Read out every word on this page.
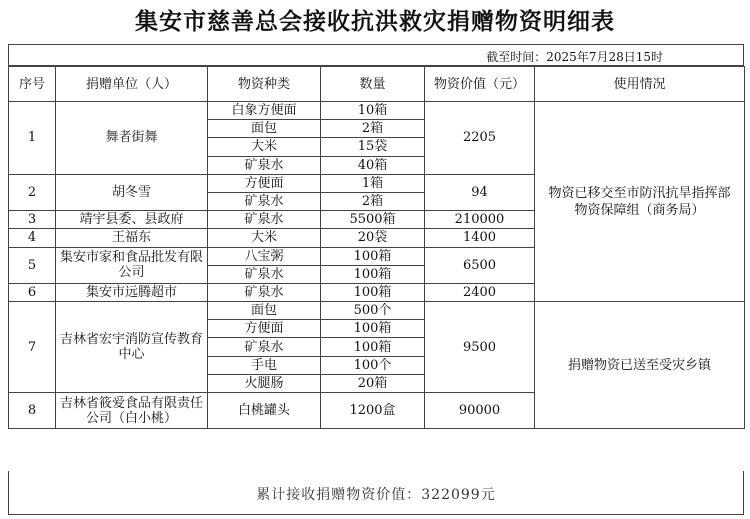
集安市慈善总会接收抗洪救灾捐赠物资明细表
截至时间：2025年7月28日15时
序号	捐赠单位（人）	物资种类	数量	物资价值（元）	使用情况
1	舞者街舞	白象方便面	10箱	2205	物资已移交至市防汛抗旱指挥部物资保障组（商务局）
		面包	2箱		
		大米	15袋		
		矿泉水	40箱		
2	胡冬雪	方便面	1箱	94	
		矿泉水	2箱		
3	靖宇县委、县政府	矿泉水	5500箱	210000	
4	王福东	大米	20袋	1400	
5	集安市家和食品批发有限公司	八宝粥	100箱	6500	
		矿泉水	100箱		
6	集安市远腾超市	矿泉水	100箱	2400	
7	吉林省宏宇消防宣传教育中心	面包	500个	9500	捐赠物资已送至受灾乡镇
		方便面	100箱		
		矿泉水	100箱		
		手电	100个		
		火腿肠	20箱		
8	吉林省筱爱食品有限责任公司（白小桃）	白桃罐头	1200盒	90000	
累计接收捐赠物资价值：322099元
